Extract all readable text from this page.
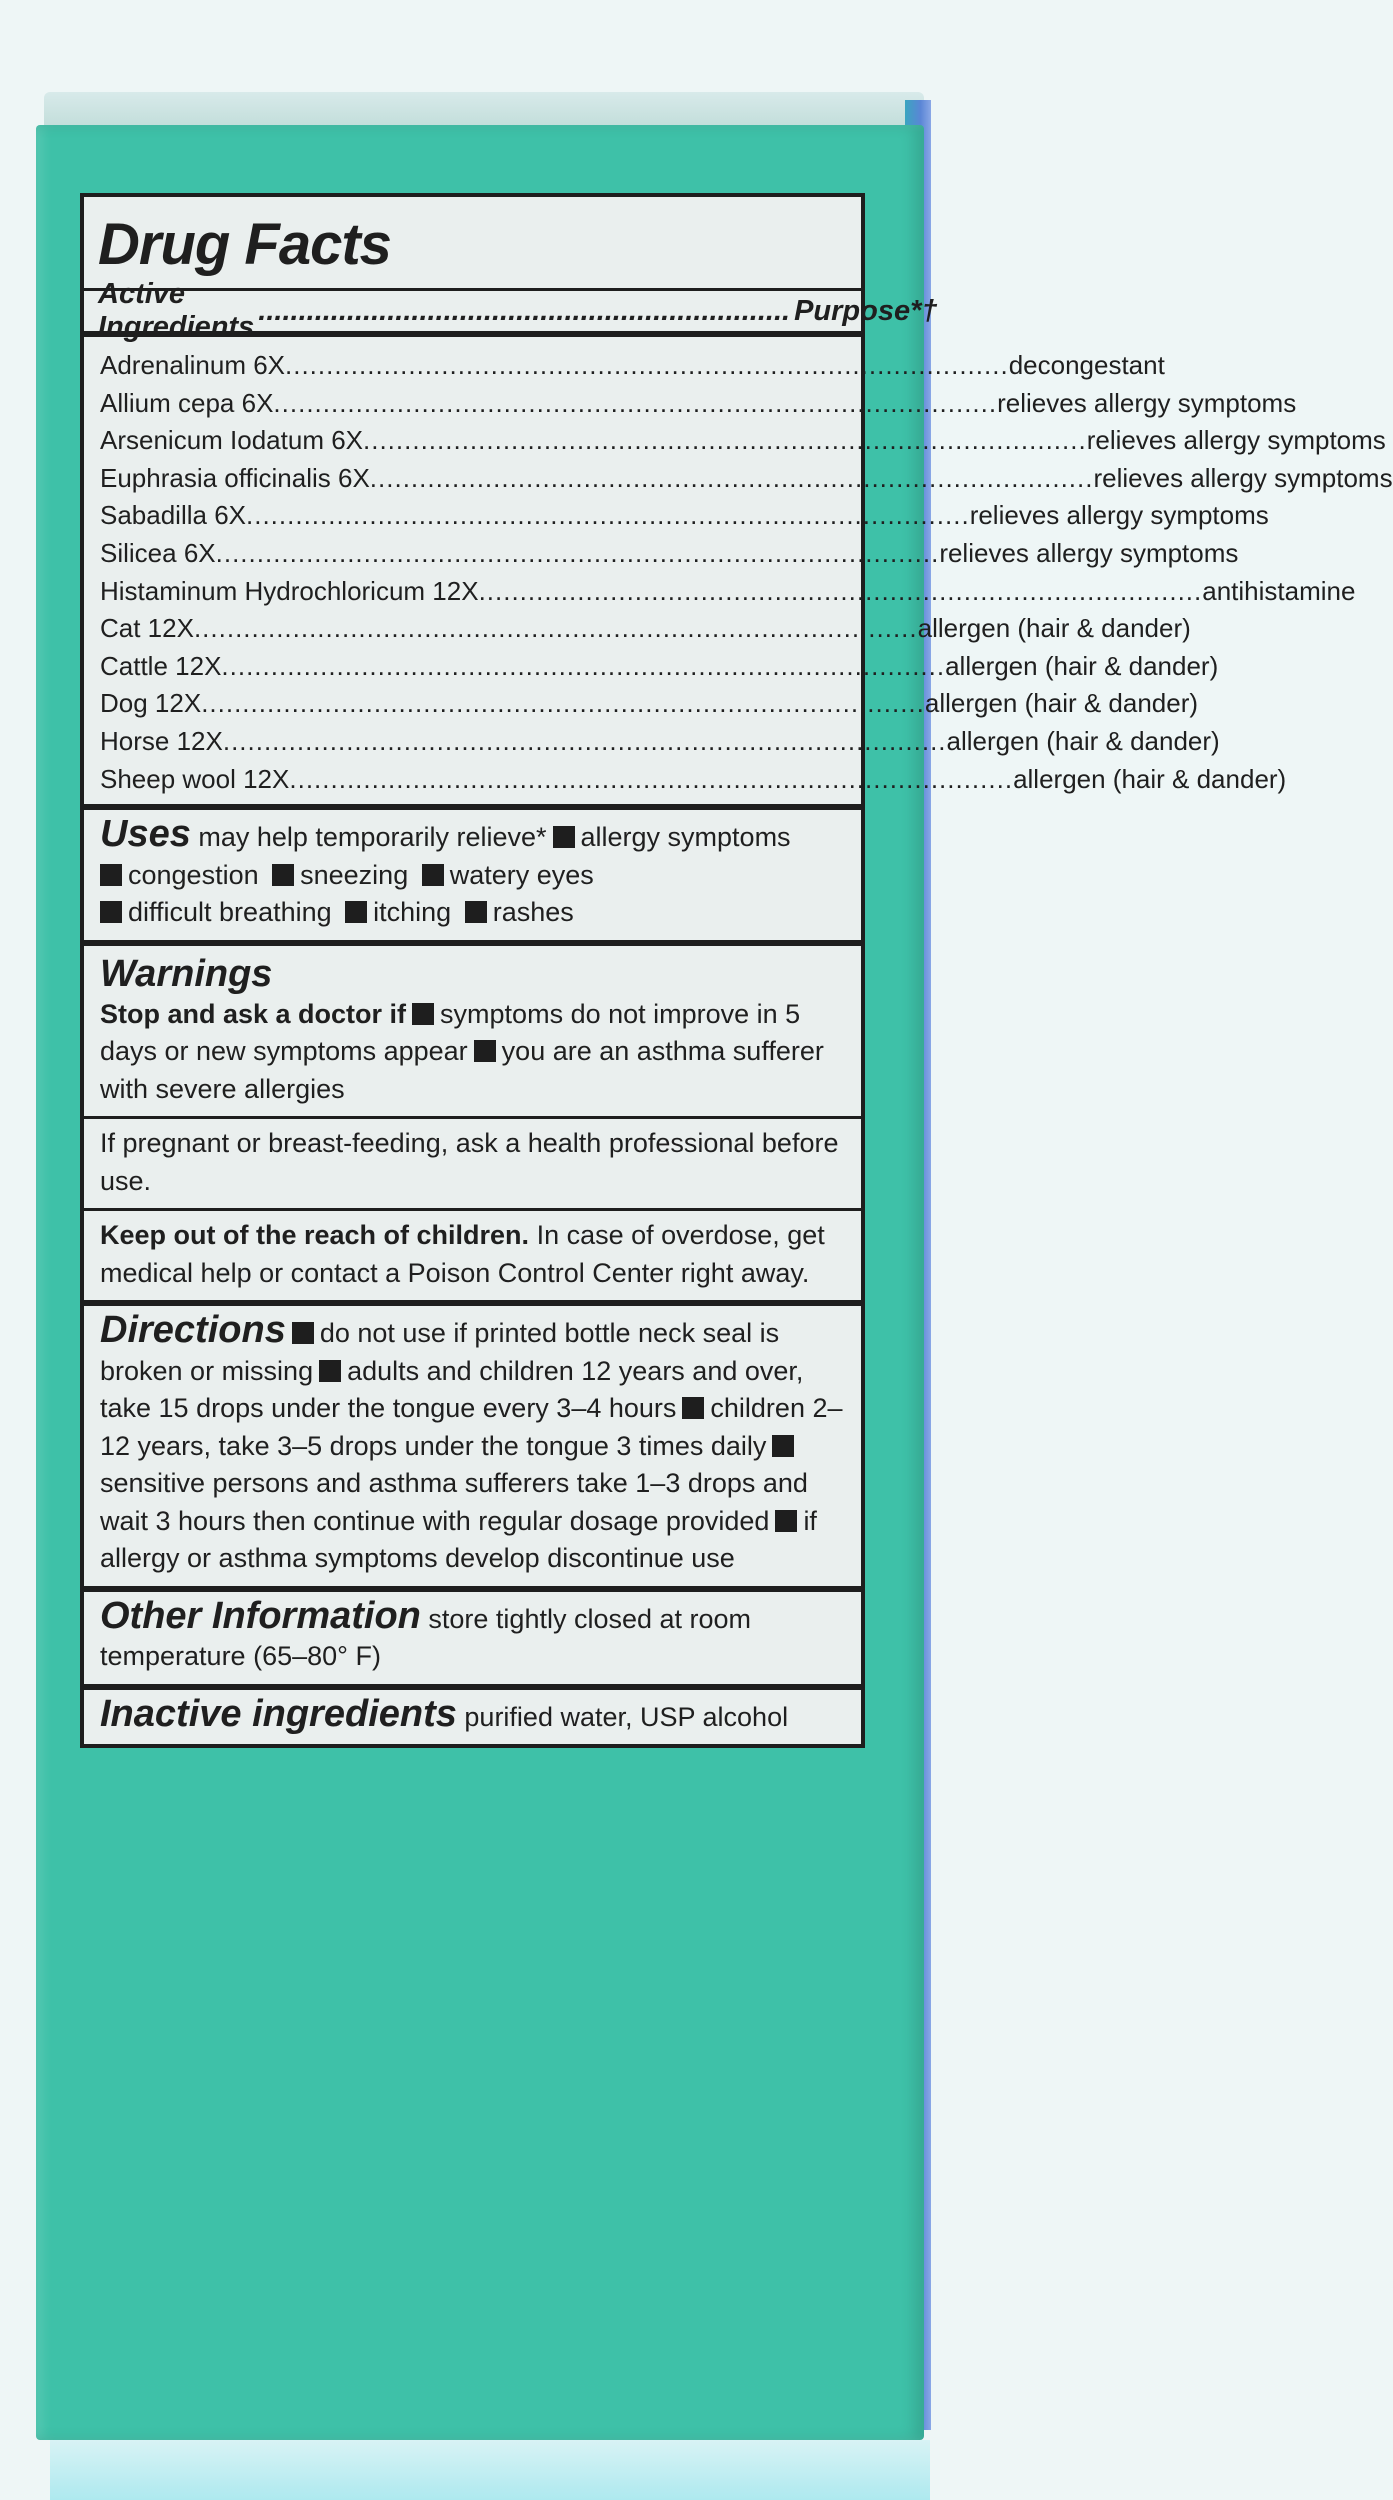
Drug Facts
Active Ingredients
.................................................................. Purpose*†
Adrenalinum 6X ........................................................................................ decongestant
Allium cepa 6X ........................................................................................ relieves allergy symptoms
Arsenicum Iodatum 6X ........................................................................................ relieves allergy symptoms
Euphrasia officinalis 6X ........................................................................................ relieves allergy symptoms
Sabadilla 6X ........................................................................................ relieves allergy symptoms
Silicea 6X ........................................................................................ relieves allergy symptoms
Histaminum Hydrochloricum 12X ........................................................................................ antihistamine
Cat 12X ........................................................................................ allergen (hair & dander)
Cattle 12X ........................................................................................ allergen (hair & dander)
Dog 12X ........................................................................................ allergen (hair & dander)
Horse 12X ........................................................................................ allergen (hair & dander)
Sheep wool 12X ........................................................................................ allergen (hair & dander)
Uses may help temporarily relieve* allergy symptoms
congestion sneezing watery eyes
difficult breathing itching rashes
Warnings
Stop and ask a doctor if symptoms do not improve in 5 days or new symptoms appear you are an asthma sufferer with severe allergies
If pregnant or breast-feeding, ask a health professional before use.
Keep out of the reach of children. In case of overdose, get medical help or contact a Poison Control Center right away.
Directions do not use if printed bottle neck seal is broken or missing adults and children 12 years and over, take 15 drops under the tongue every 3–4 hours children 2–12 years, take 3–5 drops under the tongue 3 times dailysensitive persons and asthma sufferers take 1–3 drops and wait 3 hours then continue with regular dosage provided if allergy or asthma symptoms develop discontinue use
Other Information store tightly closed at room temperature (65–80° F)
Inactive ingredients purified water, USP alcohol
